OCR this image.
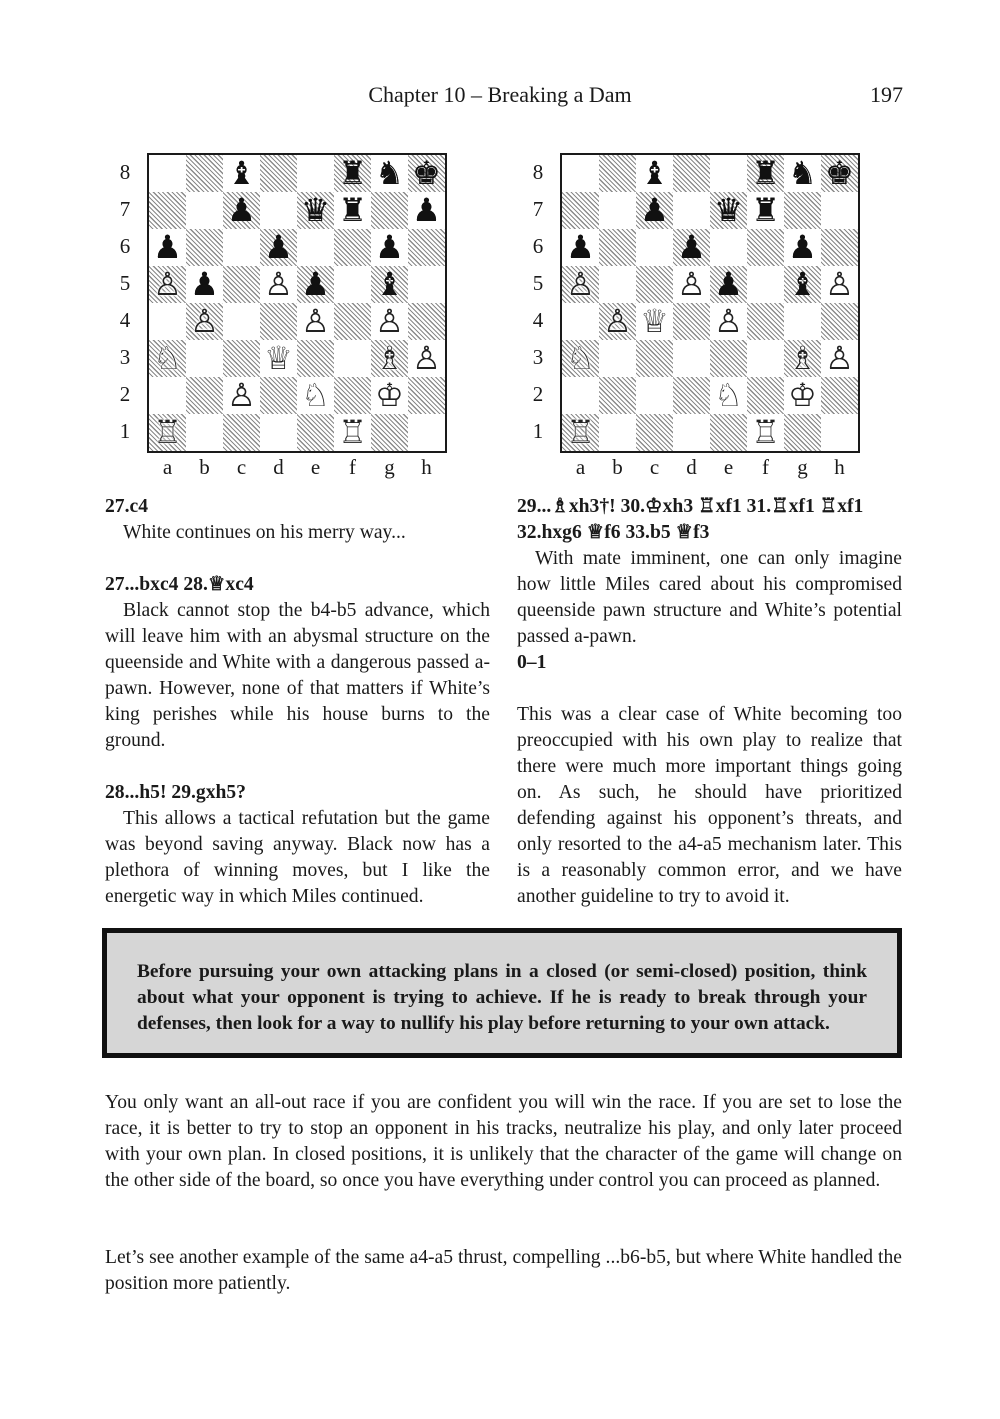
Chapter 10 – Breaking a Dam	197
8
7
6
5
4
3
2
1
♝	♜ ♞ ♚
♟ ♛ ♜ ♟
♟	♟	♟
♙ ♟ ♙ ♟ ♝
♙	♙ ♙
♘	♕	♗ ♙
♙ ♘ ♔
♖	♖
a	b	c	d	e	f	g	h
8
7
6
5
4
3
2
1
♝	♜ ♞ ♚
♟ ♛ ♜
♟	♟	♟
♙	♙ ♟ ♝ ♙
♙ ♕ ♙
♘	♗ ♙
♘ ♔
♖	♖
a	b	c	d	e	f	g	h
27.c4

White continues on his merry way...

27...bxc4 28.♕xc4

Black cannot stop the b4-b5 advance, which will leave him with an abysmal structure on the queenside and White with a dangerous passed a-pawn. However, none of that matters if White’s king perishes while his house burns to the ground.

28...h5! 29.gxh5?

This allows a tactical refutation but the game was beyond saving anyway. Black now has a plethora of winning moves, but I like the energetic way in which Miles continued.

29...♗xh3†! 30.♔xh3 ♖xf1 31.♖xf1 ♖xf1 32.hxg6 ♕f6 33.b5 ♕f3

With mate imminent, one can only imagine how little Miles cared about his compromised queenside pawn structure and White’s potential passed a-pawn.

0–1

This was a clear case of White becoming too preoccupied with his own play to realize that there were much more important things going on. As such, he should have prioritized defending against his opponent’s threats, and only resorted to the a4-a5 mechanism later. This is a reasonably common error, and we have another guideline to try to avoid it.

Before pursuing your own attacking plans in a closed (or semi-closed) position, think about what your opponent is trying to achieve. If he is ready to break through your defenses, then look for a way to nullify his play before returning to your own attack.

You only want an all-out race if you are confident you will win the race. If you are set to lose the race, it is better to try to stop an opponent in his tracks, neutralize his play, and only later proceed with your own plan. In closed positions, it is unlikely that the character of the game will change on the other side of the board, so once you have everything under control you can proceed as planned.

Let’s see another example of the same a4-a5 thrust, compelling ...b6-b5, but where White handled the position more patiently.
